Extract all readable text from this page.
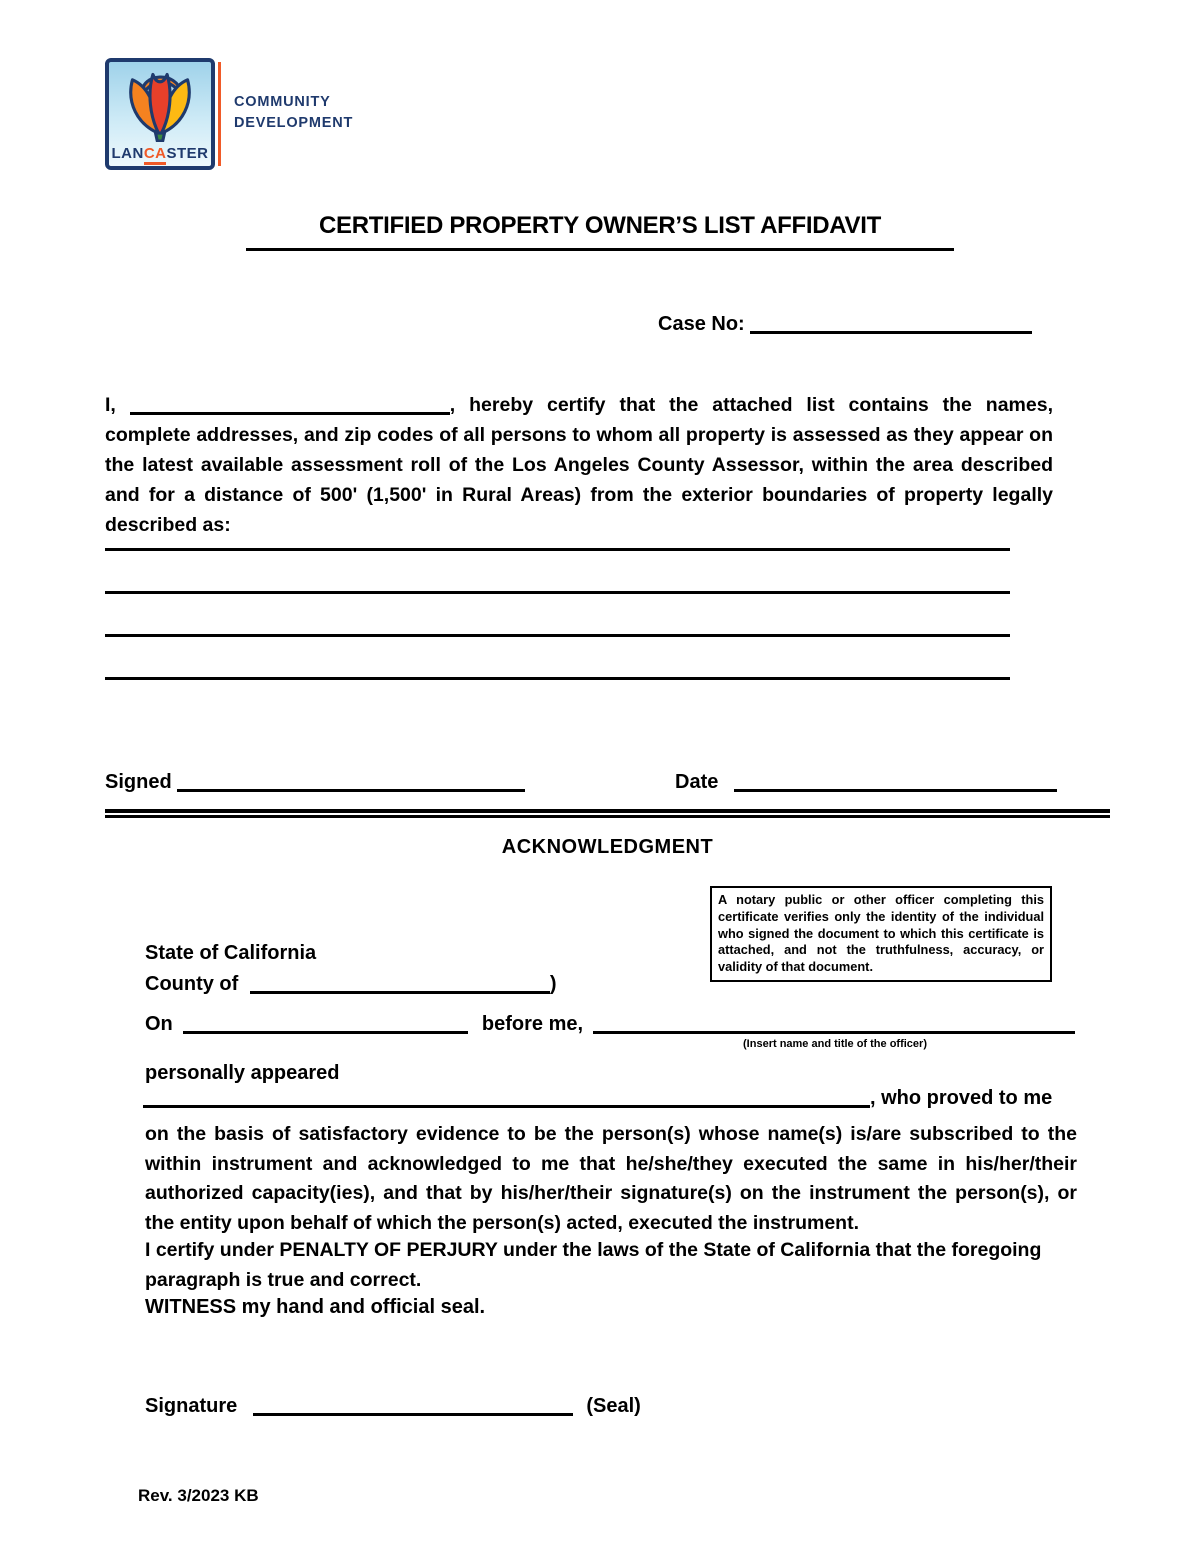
LANCASTER
COMMUNITY
DEVELOPMENT
CERTIFIED PROPERTY OWNER’S LIST AFFIDAVIT
Case No:
I,	, hereby certify that the attached list contains the names, complete addresses, and zip codes of all persons to whom all property is assessed as they appear on the latest available assessment roll of the Los Angeles County Assessor, within the area described and for a distance of 500' (1,500' in Rural Areas) from the exterior boundaries of property legally described as:
Signed	Date
ACKNOWLEDGMENT
A notary public or other officer completing this certificate verifies only the identity of the individual who signed the document to which this certificate is attached, and not the truthfulness, accuracy, or validity of that document.
State of California
County of	)
On	before me,
(Insert name and title of the officer)
personally appeared
, who proved to me
on the basis of satisfactory evidence to be the person(s) whose name(s) is/are subscribed to the within instrument and acknowledged to me that he/she/they executed the same in his/her/their authorized capacity(ies), and that by his/her/their signature(s) on the instrument the person(s), or the entity upon behalf of which the person(s) acted, executed the instrument.
I certify under PENALTY OF PERJURY under the laws of the State of California that the foregoing paragraph is true and correct.
WITNESS my hand and official seal.
Signature	(Seal)
Rev. 3/2023 KB
